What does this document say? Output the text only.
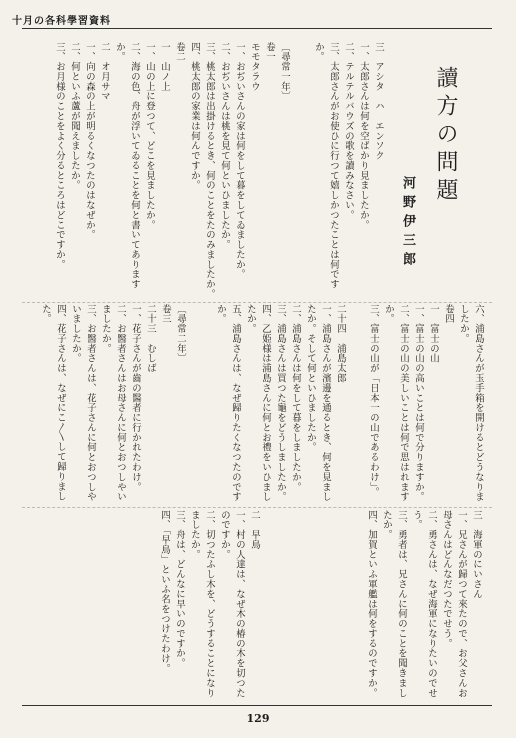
十月の各科學習資料
讀方の問題
河野伊三郎
三　アシタ　ハ　エンソク
一、太郎さんは何を空ばかり見ましたか。
二、テルテルバウズの歌を讀みなさい。
三、太郎さんがお使ひに行つて嬉しかつたことは何ですか。
〔尋常一年〕
卷一
モモタラウ
一、おぢいさんの家は何をして暮をしてゐましたか。
二、おぢいさんは桃を見て何といひましたか。
三、桃太郎は出掛けるとき、何のことをたのみましたか。
四、桃太郎の家業は何んですか。
卷二
一　山ノ上
一、山の上に登つて、どこを見ましたか。
二、海の色、舟が浮いてゐることを何と書いてありますか。
二　オ月サマ
一、向の森の上が明るくなつたのはなぜか。
二、何といふ蘆が聞えましたか。
三、お月様のことをよく分るところはどこですか。
六、浦島さんが玉手箱を開けるとどうなりましたか。
卷四
一　富士の山
一、富士の山の高いことは何で分りますか。
二、富士の山の美しいことは何で思はれますか。
三、富士の山が「日本一の山であるわけ」。
二十四　浦島太郎
一、浦島さんが濱邊を通るとき、何を見ましたか。そして何といひましたか。
二、浦島さんは何をして暮をしましたか。
三、浦島さんは買つた龜をどうしましたか。
四、乙姫様は浦島さんに何とお禮をいひましたか。
五、浦島さんは、なぜ歸りたくなつたのですか。
〔尋常二年〕
卷三
二十三　むしば
一、花子さんが齒の醫者に行かれたわけ。
二、お醫者さんはお母さんに何とおつしやいましたか。
三、お醫者さんは、花子さんに何とおつしやいましたか。
四、花子さんは、なぜにこ〳〵して歸りました。
三　海軍のにいさん
一、兄さんが歸つて來たので、お父さんお母さんはどんなだつたでせう。
二、勇さんは、なぜ海軍になりたいのでせう。
三、勇者は、兄さんに何のことを聞きましたか。
四、加賀といふ軍艦は何をするのですか。
二　早鳥
一、村の人達は、なぜ木の椿の木を切つたのですか。
二、切つたふし木を、どうすることになりましたか。
三、舟は、どんなに早いのですか。
四、「早鳥」といふ名をつけたわけ。
129
